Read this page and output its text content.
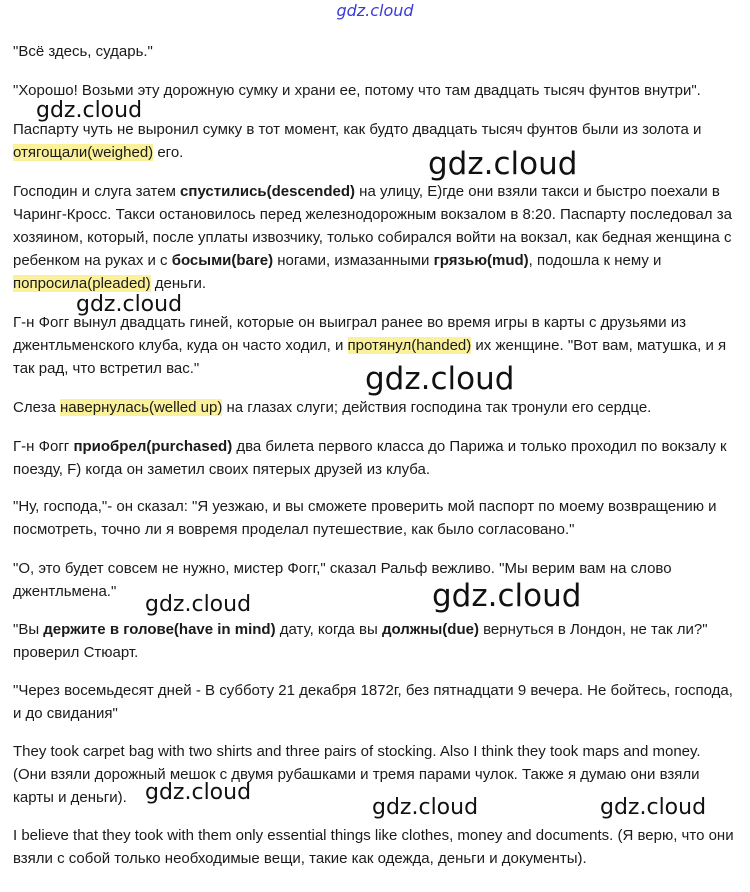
gdz.cloud

"Всё здесь, сударь."

"Хорошо! Возьми эту дорожную сумку и храни ее, потому что там двадцать тысяч фунтов внутри".

Паспарту чуть не выронил сумку в тот момент, как будто двадцать тысяч фунтов были из золота и отягощали(weighed) его.

Господин и слуга затем спустились(descended) на улицу, E)где они взяли такси и быстро поехали в Чаринг-Кросс. Такси остановилось перед железнодорожным вокзалом в 8:20. Паспарту последовал за хозяином, который, после уплаты извозчику, только собирался войти на вокзал, как бедная женщина с ребенком на руках и с босыми(bare) ногами, измазанными грязью(mud), подошла к нему и попросила(pleaded) деньги.

Г-н Фогг вынул двадцать гиней, которые он выиграл ранее во время игры в карты с друзьями из джентльменского клуба, куда он часто ходил, и протянул(handed) их женщине. "Вот вам, матушка, и я так рад, что встретил вас."

Слеза навернулась(welled up) на глазах слуги; действия господина так тронули его сердце.

Г-н Фогг приобрел(purchased) два билета первого класса до Парижа и только проходил по вокзалу к поезду, F) когда он заметил своих пятерых друзей из клуба.

"Ну, господа,"- он сказал: "Я уезжаю, и вы сможете проверить мой паспорт по моему возвращению и посмотреть, точно ли я вовремя проделал путешествие, как было согласовано."

"О, это будет совсем не нужно, мистер Фогг," сказал Ральф вежливо. "Мы верим вам на слово джентльмена."

"Вы держите в голове(have in mind) дату, когда вы должны(due) вернуться в Лондон, не так ли?" проверил Стюарт.

"Через восемьдесят дней - В субботу 21 декабря 1872г, без пятнадцати 9 вечера. Не бойтесь, господа, и до свидания"

They took carpet bag with two shirts and three pairs of stocking. Also I think they took maps and money. (Они взяли дорожный мешок с двумя рубашками и тремя парами чулок. Также я думаю они взяли карты и деньги).

I believe that they took with them only essential things like clothes, money and documents. (Я верю, что они взяли с собой только необходимые вещи, такие как одежда, деньги и документы).

gdz.cloud
gdz.cloud
gdz.cloud
gdz.cloud
gdz.cloud	gdz.cloud
gdz.cloud
gdz.cloud	gdz.cloud
